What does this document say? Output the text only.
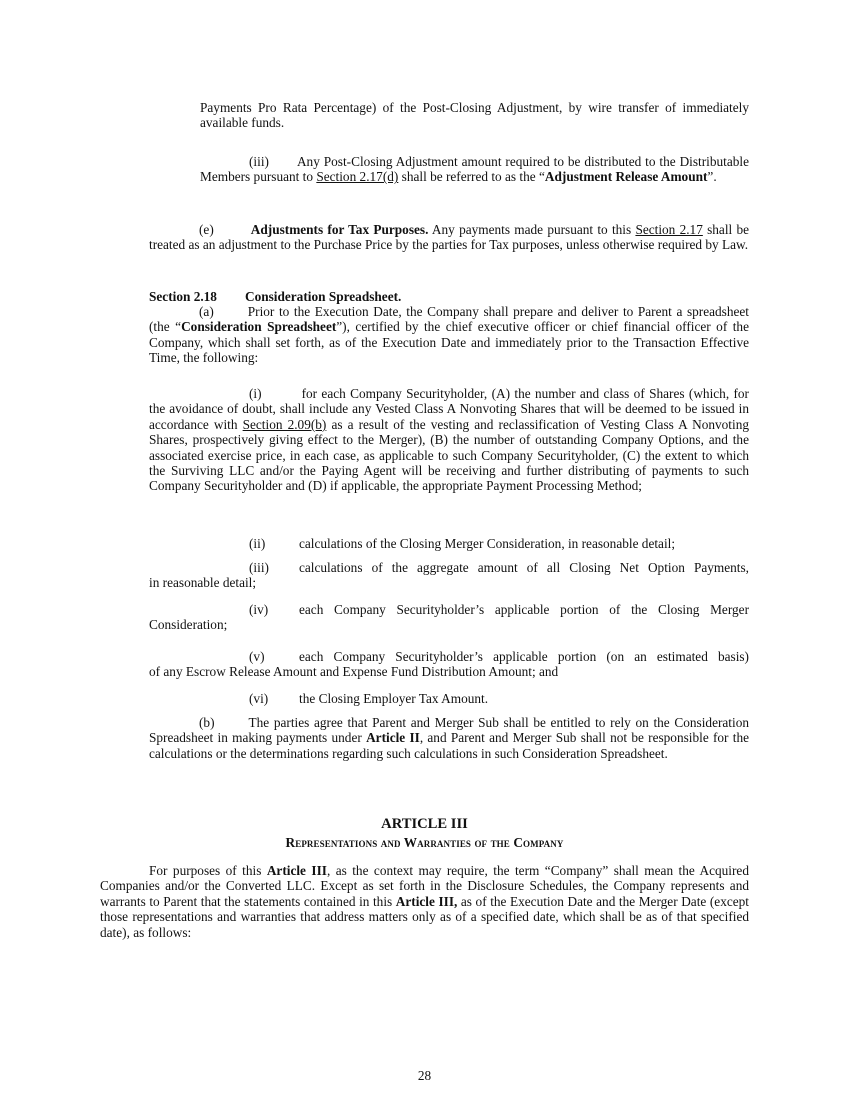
Payments Pro Rata Percentage) of the Post-Closing Adjustment, by wire transfer of immediately available funds.

(iii) Any Post-Closing Adjustment amount required to be distributed to the Distributable Members pursuant to Section 2.17(d) shall be referred to as the “Adjustment Release Amount”.

(e)	Adjustments for Tax Purposes. Any payments made pursuant to this Section 2.17 shall be treated as an adjustment to the Purchase Price by the parties for Tax purposes, unless otherwise required by Law.

Section 2.18 Consideration Spreadsheet.

(a)	Prior to the Execution Date, the Company shall prepare and deliver to Parent a spreadsheet (the “Consideration Spreadsheet”), certified by the chief executive officer or chief financial officer of the Company, which shall set forth, as of the Execution Date and immediately prior to the Transaction Effective Time, the following:

(i)	for each Company Securityholder, (A) the number and class of Shares (which, for the avoidance of doubt, shall include any Vested Class A Nonvoting Shares that will be deemed to be issued in accordance with Section 2.09(b) as a result of the vesting and reclassification of Vesting Class A Nonvoting Shares, prospectively giving effect to the Merger), (B) the number of outstanding Company Options, and the associated exercise price, in each case, as applicable to such Company Securityholder, (C) the extent to which the Surviving LLC and/or the Paying Agent will be receiving and further distributing of payments to such Company Securityholder and (D) if applicable, the appropriate Payment Processing Method;

(ii)	calculations of the Closing Merger Consideration, in reasonable detail;
(iii) calculations of the aggregate amount of all Closing Net Option Payments,
in reasonable detail;
(iv) each Company Securityholder’s applicable portion of the Closing Merger
Consideration;
(v)	each Company Securityholder’s applicable portion (on an estimated basis)
of any Escrow Release Amount and Expense Fund Distribution Amount; and
(vi) the Closing Employer Tax Amount.

(b)	The parties agree that Parent and Merger Sub shall be entitled to rely on the Consideration Spreadsheet in making payments under Article II, and Parent and Merger Sub shall not be responsible for the calculations or the determinations regarding such calculations in such Consideration Spreadsheet.

ARTICLE III
Representations and Warranties of the Company

For purposes of this Article III, as the context may require, the term “Company” shall mean the Acquired Companies and/or the Converted LLC. Except as set forth in the Disclosure Schedules, the Company represents and warrants to Parent that the statements contained in this Article III, as of the Execution Date and the Merger Date (except those representations and warranties that address matters only as of a specified date, which shall be as of that specified date), as follows:

28
